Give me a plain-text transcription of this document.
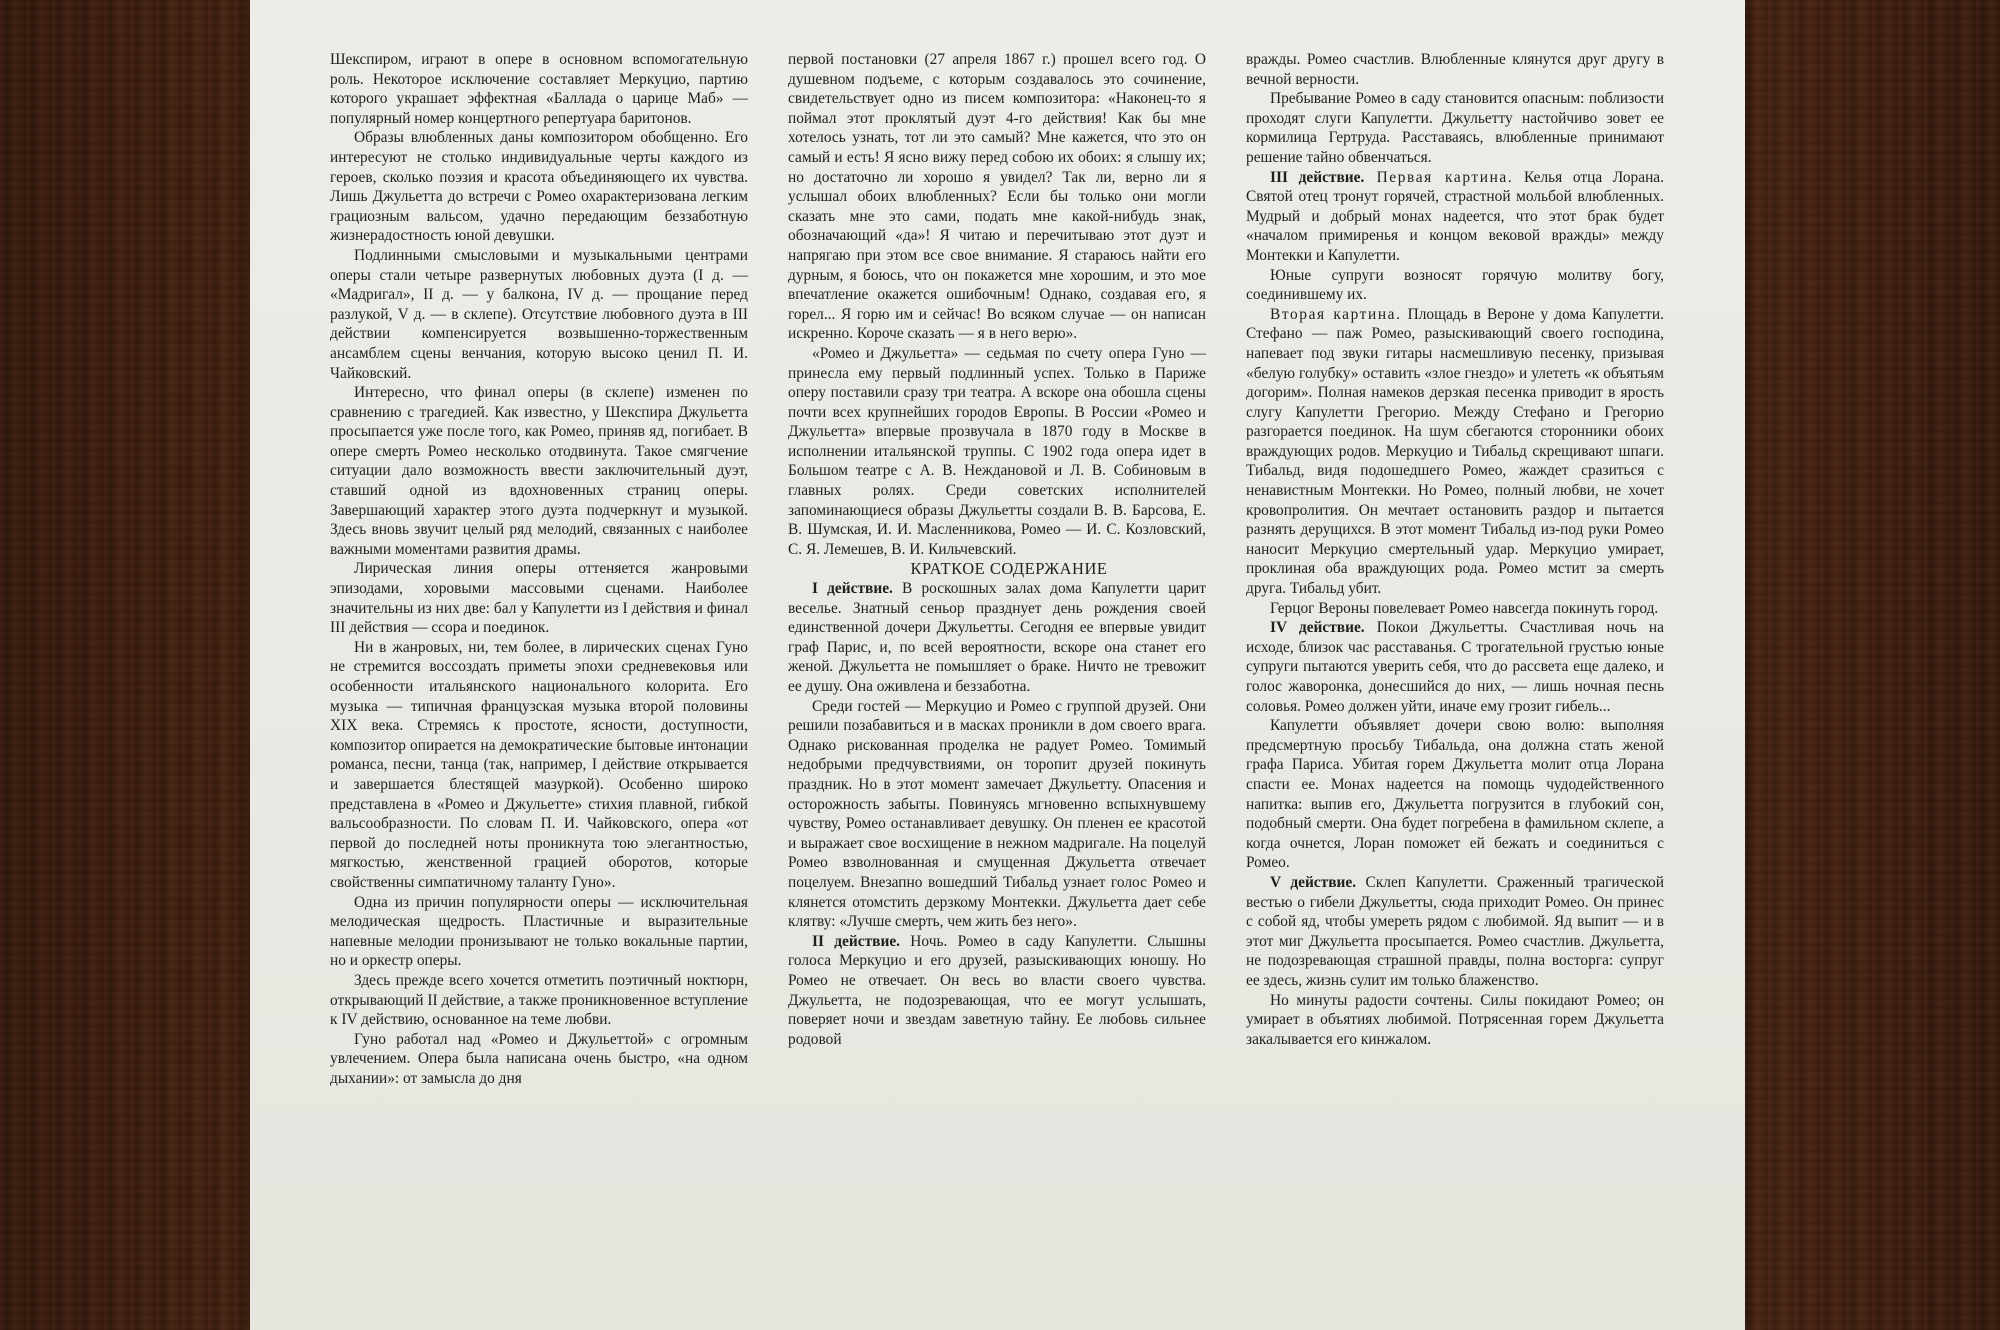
Шекспиром, играют в опере в основном вспомогательную роль. Некоторое исключение составляет Меркуцио, партию которого украшает эффектная «Баллада о царице Маб» — популярный номер концертного репертуара баритонов.

Образы влюбленных даны композитором обобщенно. Его интересуют не столько индивидуальные черты каждого из героев, сколько поэзия и красота объединяющего их чувства. Лишь Джульетта до встречи с Ромео охарактеризована легким грациозным вальсом, удачно передающим беззаботную жизнерадостность юной девушки.

Подлинными смысловыми и музыкальными центрами оперы стали четыре развернутых любовных дуэта (I д. — «Мадригал», II д. — у балкона, IV д. — прощание перед разлукой, V д. — в склепе). Отсутствие любовного дуэта в III действии компенсируется возвышенно-торжественным ансамблем сцены венчания, которую высоко ценил П. И. Чайковский.

Интересно, что финал оперы (в склепе) изменен по сравнению с трагедией. Как известно, у Шекспира Джульетта просыпается уже после того, как Ромео, приняв яд, погибает. В опере смерть Ромео несколько отодвинута. Такое смягчение ситуации дало возможность ввести заключительный дуэт, ставший одной из вдохновенных страниц оперы. Завершающий характер этого дуэта подчеркнут и музыкой. Здесь вновь звучит целый ряд мелодий, связанных с наиболее важными моментами развития драмы.

Лирическая линия оперы оттеняется жанровыми эпизодами, хоровыми массовыми сценами. Наиболее значительны из них две: бал у Капулетти из I действия и финал III действия — ссора и поединок.

Ни в жанровых, ни, тем более, в лирических сценах Гуно не стремится воссоздать приметы эпохи средневековья или особенности итальянского национального колорита. Его музыка — типичная французская музыка второй половины XIX века. Стремясь к простоте, ясности, доступности, композитор опирается на демократические бытовые интонации романса, песни, танца (так, например, I действие открывается и завершается блестящей мазуркой). Особенно широко представлена в «Ромео и Джульетте» стихия плавной, гибкой вальсообразности. По словам П. И. Чайковского, опера «от первой до последней ноты проникнута тою элегантностью, мягкостью, женственной грацией оборотов, которые свойственны симпатичному таланту Гуно».

Одна из причин популярности оперы — исключительная мелодическая щедрость. Пластичные и выразительные напевные мелодии пронизывают не только вокальные партии, но и оркестр оперы.

Здесь прежде всего хочется отметить поэтичный ноктюрн, открывающий II действие, а также проникновенное вступление к IV действию, основанное на теме любви.

Гуно работал над «Ромео и Джульеттой» с огромным увлечением. Опера была написана очень быстро, «на одном дыхании»: от замысла до дня

первой постановки (27 апреля 1867 г.) прошел всего год. О душевном подъеме, с которым создавалось это сочинение, свидетельствует одно из писем композитора: «Наконец-то я поймал этот проклятый дуэт 4-го действия! Как бы мне хотелось узнать, тот ли это самый? Мне кажется, что это он самый и есть! Я ясно вижу перед собою их обоих: я слышу их; но достаточно ли хорошо я увидел? Так ли, верно ли я услышал обоих влюбленных? Если бы только они могли сказать мне это сами, подать мне какой-нибудь знак, обозначающий «да»! Я читаю и перечитываю этот дуэт и напрягаю при этом все свое внимание. Я стараюсь найти его дурным, я боюсь, что он покажется мне хорошим, и это мое впечатление окажется ошибочным! Однако, создавая его, я горел... Я горю им и сейчас! Во всяком случае — он написан искренно. Короче сказать — я в него верю».

«Ромео и Джульетта» — седьмая по счету опера Гуно — принесла ему первый подлинный успех. Только в Париже оперу поставили сразу три театра. А вскоре она обошла сцены почти всех крупнейших городов Европы. В России «Ромео и Джульетта» впервые прозвучала в 1870 году в Москве в исполнении итальянской труппы. С 1902 года опера идет в Большом театре с А. В. Неждановой и Л. В. Собиновым в главных ролях. Среди советских исполнителей запоминающиеся образы Джульетты создали В. В. Барсова, Е. В. Шумская, И. И. Масленникова, Ромео — И. С. Козловский, С. Я. Лемешев, В. И. Кильчевский.

КРАТКОЕ СОДЕРЖАНИЕ

I действие. В роскошных залах дома Капулетти царит веселье. Знатный сеньор празднует день рождения своей единственной дочери Джульетты. Сегодня ее впервые увидит граф Парис, и, по всей вероятности, вскоре она станет его женой. Джульетта не помышляет о браке. Ничто не тревожит ее душу. Она оживлена и беззаботна.

Среди гостей — Меркуцио и Ромео с группой друзей. Они решили позабавиться и в масках проникли в дом своего врага. Однако рискованная проделка не радует Ромео. Томимый недобрыми предчувствиями, он торопит друзей покинуть праздник. Но в этот момент замечает Джульетту. Опасения и осторожность забыты. Повинуясь мгновенно вспыхнувшему чувству, Ромео останавливает девушку. Он пленен ее красотой и выражает свое восхищение в нежном мадригале. На поцелуй Ромео взволнованная и смущенная Джульетта отвечает поцелуем. Внезапно вошедший Тибальд узнает голос Ромео и клянется отомстить дерзкому Монтекки. Джульетта дает себе клятву: «Лучше смерть, чем жить без него».

II действие. Ночь. Ромео в саду Капулетти. Слышны голоса Меркуцио и его друзей, разыскивающих юношу. Но Ромео не отвечает. Он весь во власти своего чувства. Джульетта, не подозревающая, что ее могут услышать, поверяет ночи и звездам заветную тайну. Ее любовь сильнее родовой

вражды. Ромео счастлив. Влюбленные клянутся друг другу в вечной верности.

Пребывание Ромео в саду становится опасным: поблизости проходят слуги Капулетти. Джульетту настойчиво зовет ее кормилица Гертруда. Расставаясь, влюбленные принимают решение тайно обвенчаться.

III действие. Первая картина. Келья отца Лорана. Святой отец тронут горячей, страстной мольбой влюбленных. Мудрый и добрый монах надеется, что этот брак будет «началом примиренья и концом вековой вражды» между Монтекки и Капулетти.

Юные супруги возносят горячую молитву богу, соединившему их.

Вторая картина. Площадь в Вероне у дома Капулетти. Стефано — паж Ромео, разыскивающий своего господина, напевает под звуки гитары насмешливую песенку, призывая «белую голубку» оставить «злое гнездо» и улететь «к объятьям догорим». Полная намеков дерзкая песенка приводит в ярость слугу Капулетти Грегорио. Между Стефано и Грегорио разгорается поединок. На шум сбегаются сторонники обоих враждующих родов. Меркуцио и Тибальд скрещивают шпаги. Тибальд, видя подошедшего Ромео, жаждет сразиться с ненавистным Монтекки. Но Ромео, полный любви, не хочет кровопролития. Он мечтает остановить раздор и пытается разнять дерущихся. В этот момент Тибальд из-под руки Ромео наносит Меркуцио смертельный удар. Меркуцио умирает, проклиная оба враждующих рода. Ромео мстит за смерть друга. Тибальд убит.

Герцог Вероны повелевает Ромео навсегда покинуть город.

IV действие. Покои Джульетты. Счастливая ночь на исходе, близок час расставанья. С трогательной грустью юные супруги пытаются уверить себя, что до рассвета еще далеко, и голос жаворонка, донесшийся до них, — лишь ночная песнь соловья. Ромео должен уйти, иначе ему грозит гибель...

Капулетти объявляет дочери свою волю: выполняя предсмертную просьбу Тибальда, она должна стать женой графа Париса. Убитая горем Джульетта молит отца Лорана спасти ее. Монах надеется на помощь чудодейственного напитка: выпив его, Джульетта погрузится в глубокий сон, подобный смерти. Она будет погребена в фамильном склепе, а когда очнется, Лоран поможет ей бежать и соединиться с Ромео.

V действие. Склеп Капулетти. Сраженный трагической вестью о гибели Джульетты, сюда приходит Ромео. Он принес с собой яд, чтобы умереть рядом с любимой. Яд выпит — и в этот миг Джульетта просыпается. Ромео счастлив. Джульетта, не подозревающая страшной правды, полна восторга: супруг ее здесь, жизнь сулит им только блаженство.

Но минуты радости сочтены. Силы покидают Ромео; он умирает в объятиях любимой. Потрясенная горем Джульетта закалывается его кинжалом.
